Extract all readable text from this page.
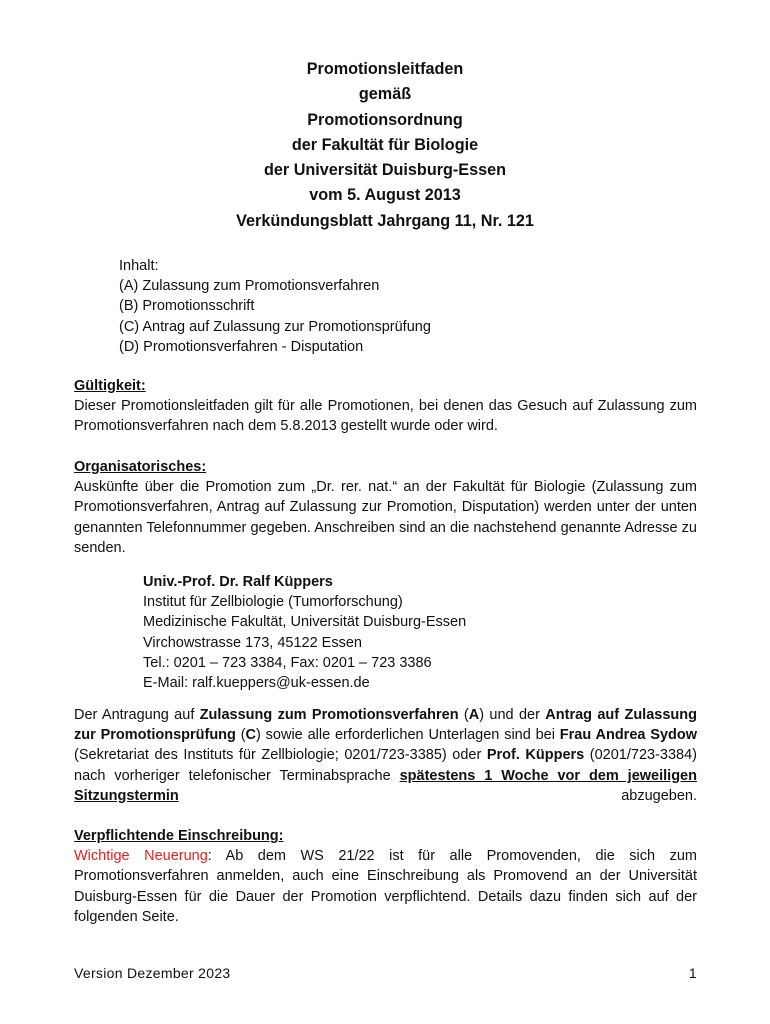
Promotionsleitfaden
gemäß
Promotionsordnung
der Fakultät für Biologie
der Universität Duisburg-Essen
vom 5. August 2013
Verkündungsblatt Jahrgang 11, Nr. 121
Inhalt:
(A) Zulassung zum Promotionsverfahren
(B) Promotionsschrift
(C) Antrag auf Zulassung zur Promotionsprüfung
(D) Promotionsverfahren - Disputation
Gültigkeit:
Dieser Promotionsleitfaden gilt für alle Promotionen, bei denen das Gesuch auf Zulassung zum Promotionsverfahren nach dem 5.8.2013 gestellt wurde oder wird.
Organisatorisches:
Auskünfte über die Promotion zum „Dr. rer. nat.“ an der Fakultät für Biologie (Zulassung zum Promotionsverfahren, Antrag auf Zulassung zur Promotion, Disputation) werden unter der unten genannten Telefonnummer gegeben. Anschreiben sind an die nachstehend genannte Adresse zu senden.
Univ.-Prof. Dr. Ralf Küppers
Institut für Zellbiologie (Tumorforschung)
Medizinische Fakultät, Universität Duisburg-Essen
Virchowstrasse 173, 45122 Essen
Tel.: 0201 – 723 3384, Fax: 0201 – 723 3386
E-Mail: ralf.kueppers@uk-essen.de
Der Antragung auf Zulassung zum Promotionsverfahren (A) und der Antrag auf Zulassung zur Promotionsprüfung (C) sowie alle erforderlichen Unterlagen sind bei Frau Andrea Sydow (Sekretariat des Instituts für Zellbiologie; 0201/723-3385) oder Prof. Küppers (0201/723-3384) nach vorheriger telefonischer Terminabsprache spätestens 1 Woche vor dem jeweiligen Sitzungstermin abzugeben.
Verpflichtende Einschreibung:
Wichtige Neuerung: Ab dem WS 21/22 ist für alle Promovenden, die sich zum Promotionsverfahren anmelden, auch eine Einschreibung als Promovend an der Universität Duisburg-Essen für die Dauer der Promotion verpflichtend. Details dazu finden sich auf der folgenden Seite.
Version Dezember 2023	1
